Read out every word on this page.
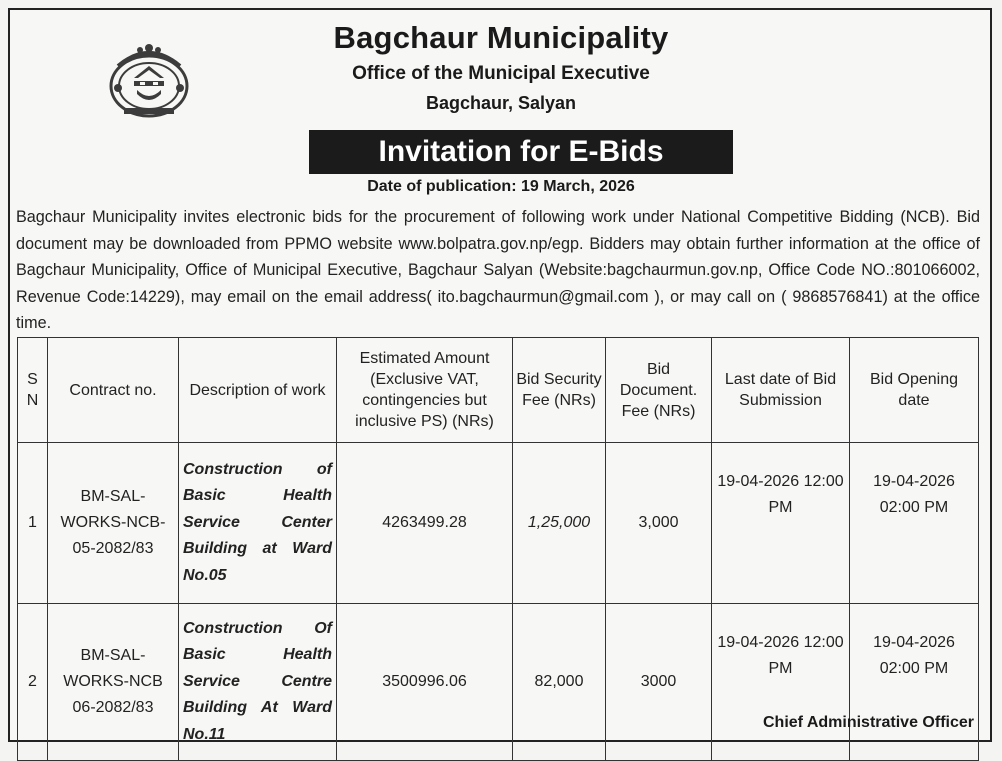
Bagchaur Municipality
Office of the Municipal Executive
Bagchaur, Salyan
Invitation for E-Bids
Date of publication: 19 March, 2026
Bagchaur Municipality invites electronic bids for the procurement of following work under National Competitive Bidding (NCB). Bid document may be downloaded from PPMO website www.bolpatra.gov.np/egp. Bidders may obtain further information at the office of Bagchaur Municipality, Office of Municipal Executive, Bagchaur Salyan (Website:bagchaurmun.gov.np, Office Code NO.:801066002, Revenue Code:14229), may email on the email address( ito.bagchaurmun@gmail.com ), or may call on ( 9868576841) at the office time.
S N	Contract no.	Description of work	Estimated Amount (Exclusive VAT, contingencies but inclusive PS) (NRs)	Bid Security Fee (NRs)	Bid Document. Fee (NRs)	Last date of Bid Submission	Bid Opening date
1	BM-SAL-WORKS-NCB-05-2082/83	Construction of Basic Health Service Center Building at Ward No.05	4263499.28	1,25,000	3,000	19-04-2026 12:00 PM	19-04-2026 02:00 PM
2	BM-SAL-WORKS-NCB 06-2082/83	Construction Of Basic Health Service Centre Building At Ward No.11	3500996.06	82,000	3000	19-04-2026 12:00 PM	19-04-2026 02:00 PM
Chief Administrative Officer
